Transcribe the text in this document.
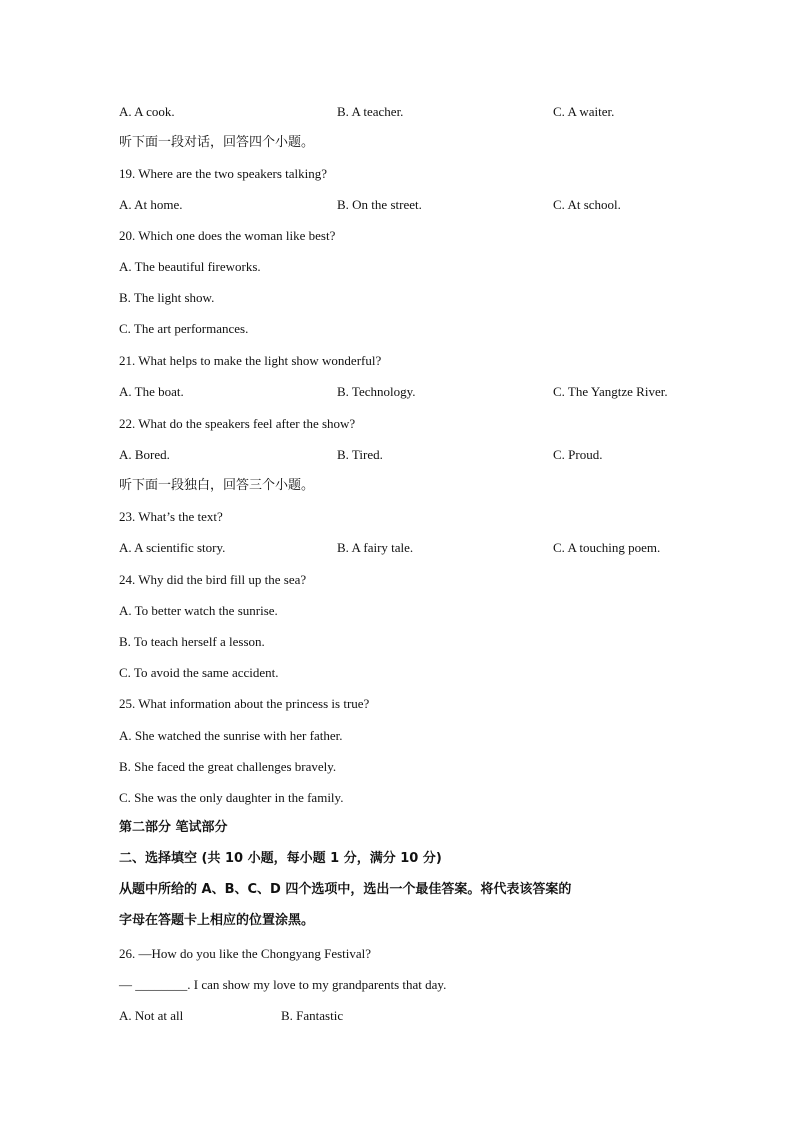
A. A cook.	B. A teacher.	C. A waiter.
听下面一段对话，回答四个小题。
19. Where are the two speakers talking?
A. At home.	B. On the street.	C. At school.
20. Which one does the woman like best?
A. The beautiful fireworks.
B. The light show.
C. The art performances.
21. What helps to make the light show wonderful?
A. The boat.	B. Technology.	C. The Yangtze River.
22. What do the speakers feel after the show?
A. Bored.	B. Tired.	C. Proud.
听下面一段独白，回答三个小题。
23. What’s the text?
A. A scientific story.	B. A fairy tale.	C. A touching poem.
24. Why did the bird fill up the sea?
A. To better watch the sunrise.
B. To teach herself a lesson.
C. To avoid the same accident.
25. What information about the princess is true?
A. She watched the sunrise with her father.
B. She faced the great challenges bravely.
C. She was the only daughter in the family.
第二部分 笔试部分
二、选择填空 (共 10 小题，每小题 1 分，满分 10 分)
从题中所给的 A、B、C、D 四个选项中，选出一个最佳答案。将代表该答案的
字母在答题卡上相应的位置涂黑。
26. —How do you like the Chongyang Festival?
— ________. I can show my love to my grandparents that day.
A. Not at all	B. Fantastic
